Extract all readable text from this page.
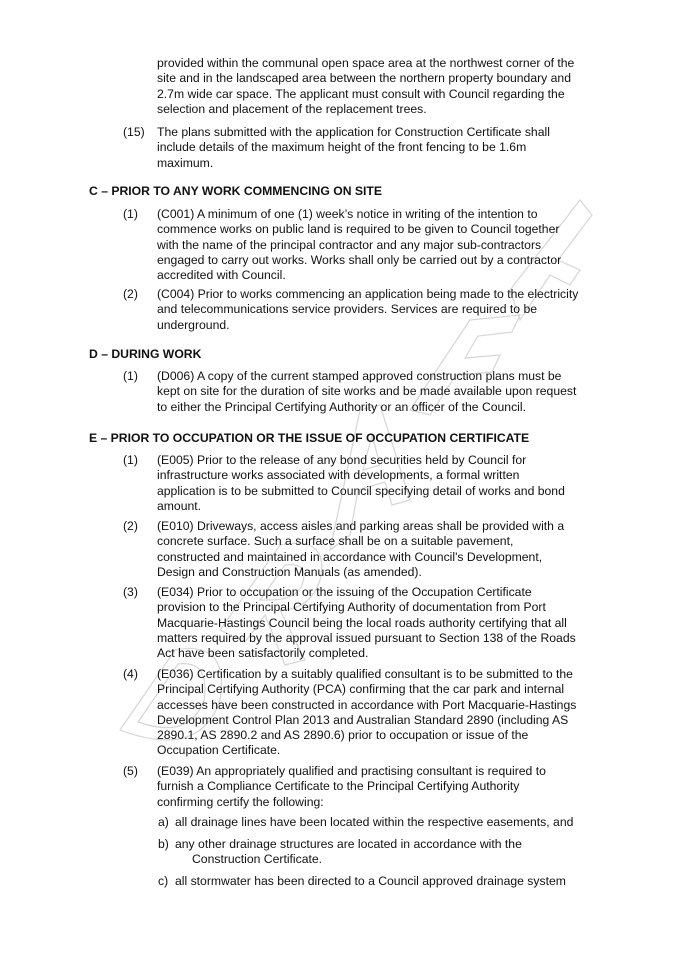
provided within the communal open space area at the northwest corner of the
site and in the landscaped area between the northern property boundary and
2.7m wide car space. The applicant must consult with Council regarding the
selection and placement of the replacement trees.
(15) The plans submitted with the application for Construction Certificate shall
include details of the maximum height of the front fencing to be 1.6m
maximum.
C – PRIOR TO ANY WORK COMMENCING ON SITE
(1) (C001) A minimum of one (1) week’s notice in writing of the intention to
commence works on public land is required to be given to Council together
with the name of the principal contractor and any major sub-contractors
engaged to carry out works. Works shall only be carried out by a contractor
accredited with Council.
(2) (C004) Prior to works commencing an application being made to the electricity
and telecommunications service providers. Services are required to be
underground.
D – DURING WORK
(1) (D006) A copy of the current stamped approved construction plans must be
kept on site for the duration of site works and be made available upon request
to either the Principal Certifying Authority or an officer of the Council.
E – PRIOR TO OCCUPATION OR THE ISSUE OF OCCUPATION CERTIFICATE
(1) (E005) Prior to the release of any bond securities held by Council for
infrastructure works associated with developments, a formal written
application is to be submitted to Council specifying detail of works and bond
amount.
(2) (E010) Driveways, access aisles and parking areas shall be provided with a
concrete surface. Such a surface shall be on a suitable pavement,
constructed and maintained in accordance with Council's Development,
Design and Construction Manuals (as amended).
(3) (E034) Prior to occupation or the issuing of the Occupation Certificate
provision to the Principal Certifying Authority of documentation from Port
Macquarie-Hastings Council being the local roads authority certifying that all
matters required by the approval issued pursuant to Section 138 of the Roads
Act have been satisfactorily completed.
(4) (E036) Certification by a suitably qualified consultant is to be submitted to the
Principal Certifying Authority (PCA) confirming that the car park and internal
accesses have been constructed in accordance with Port Macquarie-Hastings
Development Control Plan 2013 and Australian Standard 2890 (including AS
2890.1, AS 2890.2 and AS 2890.6) prior to occupation or issue of the
Occupation Certificate.
(5) (E039) An appropriately qualified and practising consultant is required to
furnish a Compliance Certificate to the Principal Certifying Authority
confirming certify the following:
a) all drainage lines have been located within the respective easements, and
b) any other drainage structures are located in accordance with the
Construction Certificate.
c) all stormwater has been directed to a Council approved drainage system
